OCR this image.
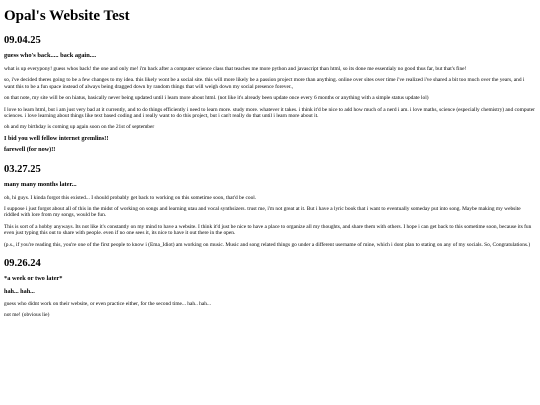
Opal's Website Test
09.04.25
guess who's back..... back again....

what is up everypony! guess whos back! the one and only me! i'm back after a computer science class that teaches me more python and javascript than html, so its done me essentialy no good thus far, but that's fine!

so, i've decided theres going to be a few changes to my idea. this likely wont be a social site. this will more likely be a passion project more than anything. online over sites over time i've realized i've shared a bit too much over the years, and i want this to be a fun space instead of always being dragged down by random things that will weigh down my social presence forever.,

on that note, my site will be on hiatus, basically never being updated until i learn more about html. (not like it's already been update once every 6 months or anything with a simple status update lol)

I love to learn html, but i am just very bad at it currently, and to do things efficiently i need to learn more. study more. whatever it takes. i think it'd be nice to add how much of a nerd i am. i love maths, science (especially chemistry) and computer sciences. i love learning about things like text based coding and i really want to do this project, but i can't really do that until i learn more about it.

oh and my birthday is coming up again soon on the 21st of september

I bid you well fellow internet gremlins!!

farewell (for now)!!

03.27.25
many many months later...

oh, hi guys. I kinda forgot this existed... I should probably get back to working on this sometime soon, that'd be cool.

I suppose i just forgot about all of this in the midst of working on songs and learning utau and vocal synthsizers. trust me, i'm not great at it. But i have a lyric book that i want to eventually someday put into song. Maybe making my website riddled with lore from my songs, would be fun.

This is sort of a hobby anyways. Its not like it's constantly on my mind to have a website. I think it'd just be nice to have a place to organize all my thoughts, and share them with others. I hope i can get back to this sometime soon, because its fun even just typing this out to share with people. even if no one sees it, its nice to have it out there in the open.

(p.s., if you're reading this, you're one of the first people to know i (Ema_Idiot) am working on music. Music and song related things go under a different username of mine, which i dont plan to stating on any of my socials. So, Congratulations.)

09.26.24
*a week or two later*

hah... hah...

guess who didnt work on their website, or even practice either, for the second time... hah.. hah...

not me! (obvious lie)
